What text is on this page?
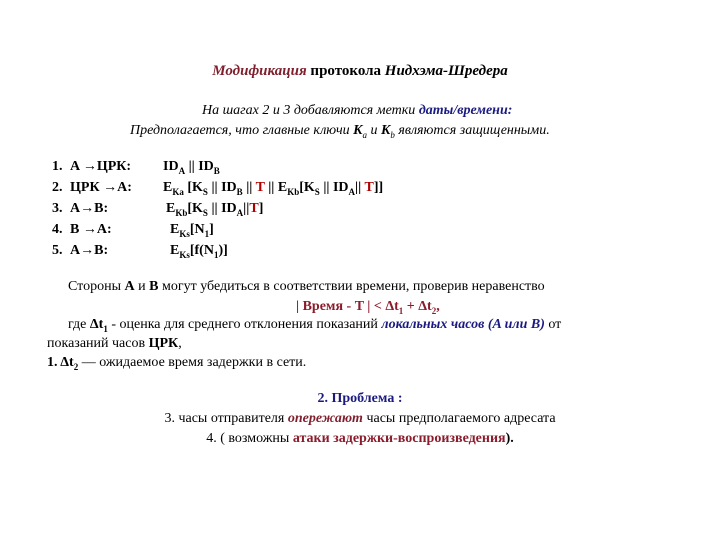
Модификация протокола Нидхэма-Шредера
На шагах 2 и 3 добавляются метки даты/времени:
Предполагается, что главные ключи $K_a$ и $K_b$ являются защищенными.
1. A →ЦРК:
2. ЦРК →A:
3. A→B:
4. B →A:
5. A→B:
$ID_A$ || $ID_B$
$E_{Ka}$ [$K_S$ || $ID_B$ || T || $E_{Kb}[K_S$ || $ID_A||$ T]]
$E_{Kb}[K_S$ || $ID_A||T$]
$E_{Ks}[N_1]$
$E_{Ks}[f(N_1)]$
Стороны A и B могут убедиться в соответствии времени, проверив неравенство
| Время - T | < $\Delta t_1 + \Delta t_2$,
где $\Delta t_1$ - оценка для среднего отклонения показаний локальных часов (A или B) от
показаний часов ЦРК,
1. $\Delta t_2$ — ожидаемое время задержки в сети.
2. Проблема :
3. часы отправителя опережают часы предполагаемого адресата
4. ( возможны атаки задержки-воспроизведения).
